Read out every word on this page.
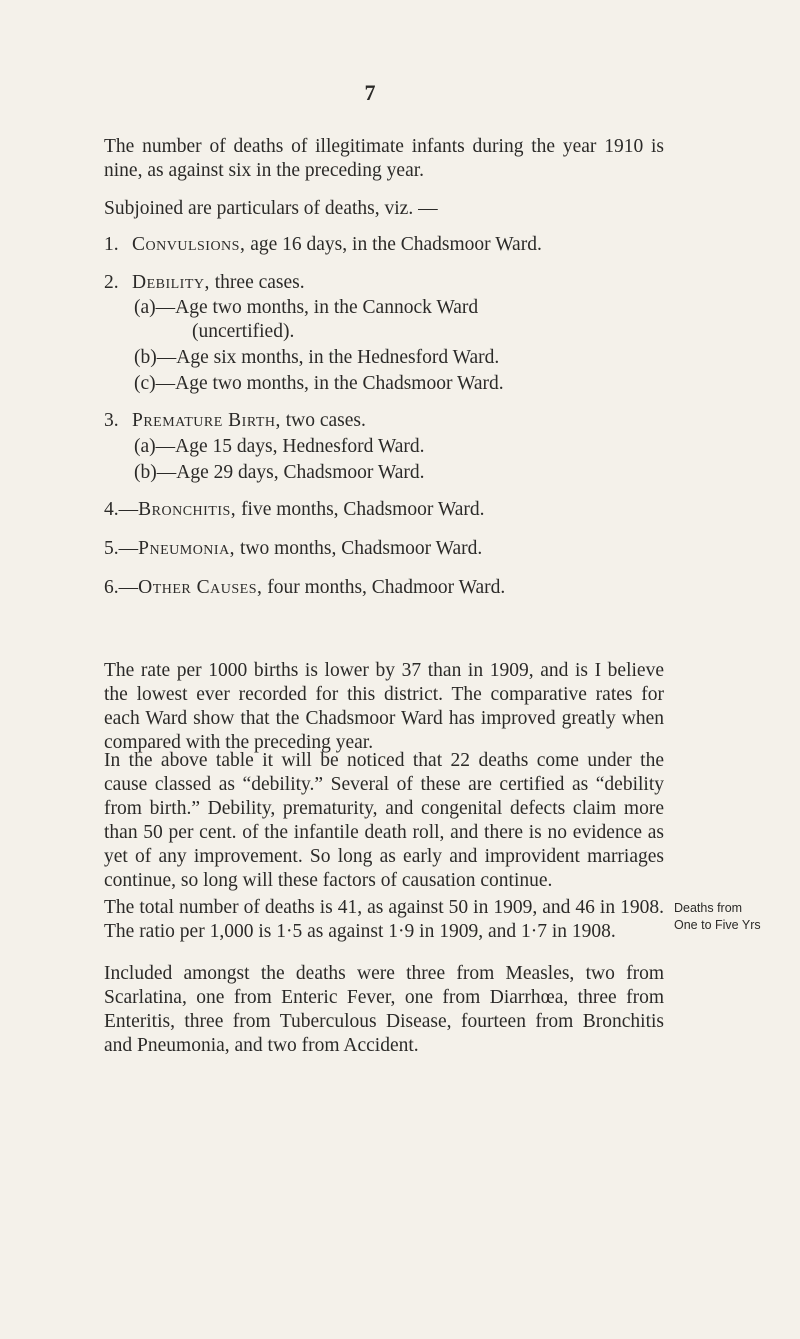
7
The number of deaths of illegitimate infants during the year 1910 is nine, as against six in the preceding year.
Subjoined are particulars of deaths, viz. —
1. Convulsions, age 16 days, in the Chadsmoor Ward.
2. Debility, three cases.
(a)—Age two months, in the Cannock Ward
(uncertified).
(b)—Age six months, in the Hednesford Ward.
(c)—Age two months, in the Chadsmoor Ward.
3. Premature Birth, two cases.
(a)—Age 15 days, Hednesford Ward.
(b)—Age 29 days, Chadsmoor Ward.
4.—Bronchitis, five months, Chadsmoor Ward.
5.—Pneumonia, two months, Chadsmoor Ward.
6.—Other Causes, four months, Chadmoor Ward.
The rate per 1000 births is lower by 37 than in 1909, and is I believe the lowest ever recorded for this district. The comparative rates for each Ward show that the Chadsmoor Ward has improved greatly when compared with the preceding year.
In the above table it will be noticed that 22 deaths come under the cause classed as “debility.” Several of these are certified as “debility from birth.” Debility, prematurity, and congenital defects claim more than 50 per cent. of the infantile death roll, and there is no evidence as yet of any improvement. So long as early and improvident marriages continue, so long will these factors of causation continue.
The total number of deaths is 41, as against 50 in 1909, and 46 in 1908. The ratio per 1,000 is 1·5 as against 1·9 in 1909, and 1·7 in 1908.
Deaths from
One to Five Yrs
Included amongst the deaths were three from Measles, two from Scarlatina, one from Enteric Fever, one from Diarrhœa, three from Enteritis, three from Tuberculous Disease, fourteen from Bronchitis and Pneumonia, and two from Accident.
